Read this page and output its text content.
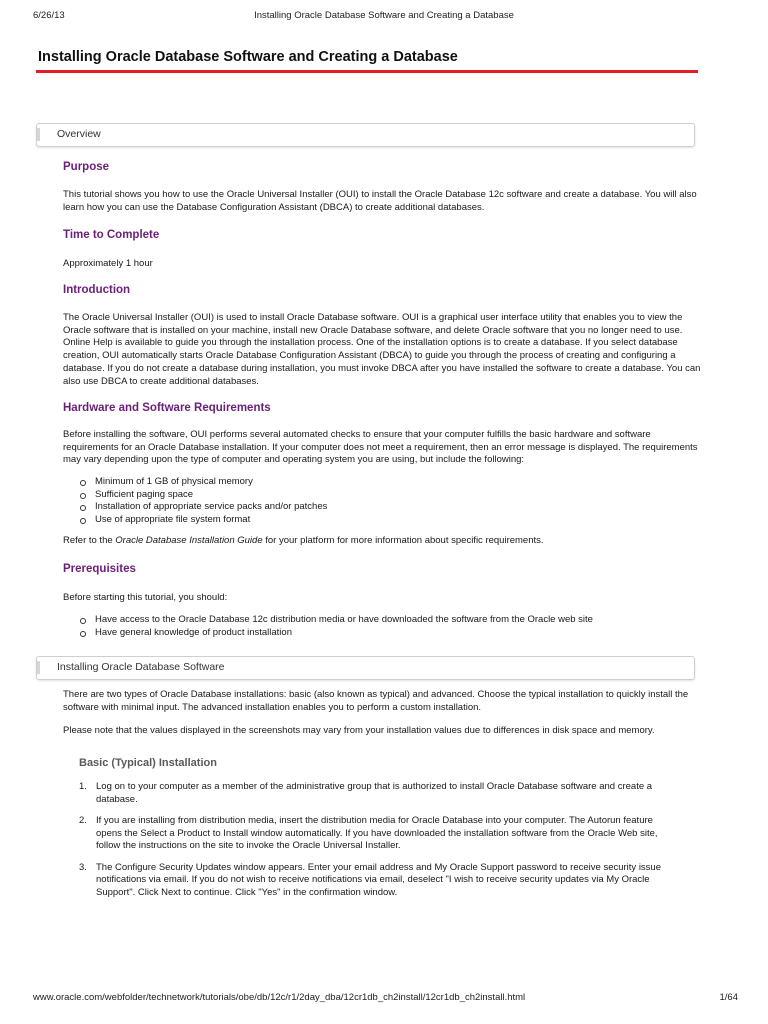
6/26/13	Installing Oracle Database Software and Creating a Database
Installing Oracle Database Software and Creating a Database
Overview
Purpose

This tutorial shows you how to use the Oracle Universal Installer (OUI) to install the Oracle Database 12c software and create a database. You will also learn how you can use the Database Configuration Assistant (DBCA) to create additional databases.

Time to Complete

Approximately 1 hour

Introduction

The Oracle Universal Installer (OUI) is used to install Oracle Database software. OUI is a graphical user interface utility that enables you to view the Oracle software that is installed on your machine, install new Oracle Database software, and delete Oracle software that you no longer need to use. Online Help is available to guide you through the installation process. One of the installation options is to create a database. If you select database creation, OUI automatically starts Oracle Database Configuration Assistant (DBCA) to guide you through the process of creating and configuring a database. If you do not create a database during installation, you must invoke DBCA after you have installed the software to create a database. You can also use DBCA to create additional databases.

Hardware and Software Requirements

Before installing the software, OUI performs several automated checks to ensure that your computer fulfills the basic hardware and software requirements for an Oracle Database installation. If your computer does not meet a requirement, then an error message is displayed. The requirements may vary depending upon the type of computer and operating system you are using, but include the following:

Minimum of 1 GB of physical memory
Sufficient paging space
Installation of appropriate service packs and/or patches
Use of appropriate file system format

Refer to the Oracle Database Installation Guide for your platform for more information about specific requirements.

Prerequisites

Before starting this tutorial, you should:

Have access to the Oracle Database 12c distribution media or have downloaded the software from the Oracle web site
Have general knowledge of product installation
Installing Oracle Database Software

There are two types of Oracle Database installations: basic (also known as typical) and advanced. Choose the typical installation to quickly install the software with minimal input. The advanced installation enables you to perform a custom installation.

Please note that the values displayed in the screenshots may vary from your installation values due to differences in disk space and memory.

Basic (Typical) Installation
1. Log on to your computer as a member of the administrative group that is authorized to install Oracle Database software and create a database.
2. If you are installing from distribution media, insert the distribution media for Oracle Database into your computer. The Autorun feature opens the Select a Product to Install window automatically. If you have downloaded the installation software from the Oracle Web site, follow the instructions on the site to invoke the Oracle Universal Installer.
3. The Configure Security Updates window appears. Enter your email address and My Oracle Support password to receive security issue notifications via email. If you do not wish to receive notifications via email, deselect "I wish to receive security updates via My Oracle Support". Click Next to continue. Click "Yes" in the confirmation window.
www.oracle.com/webfolder/technetwork/tutorials/obe/db/12c/r1/2day_dba/12cr1db_ch2install/12cr1db_ch2install.html	1/64
